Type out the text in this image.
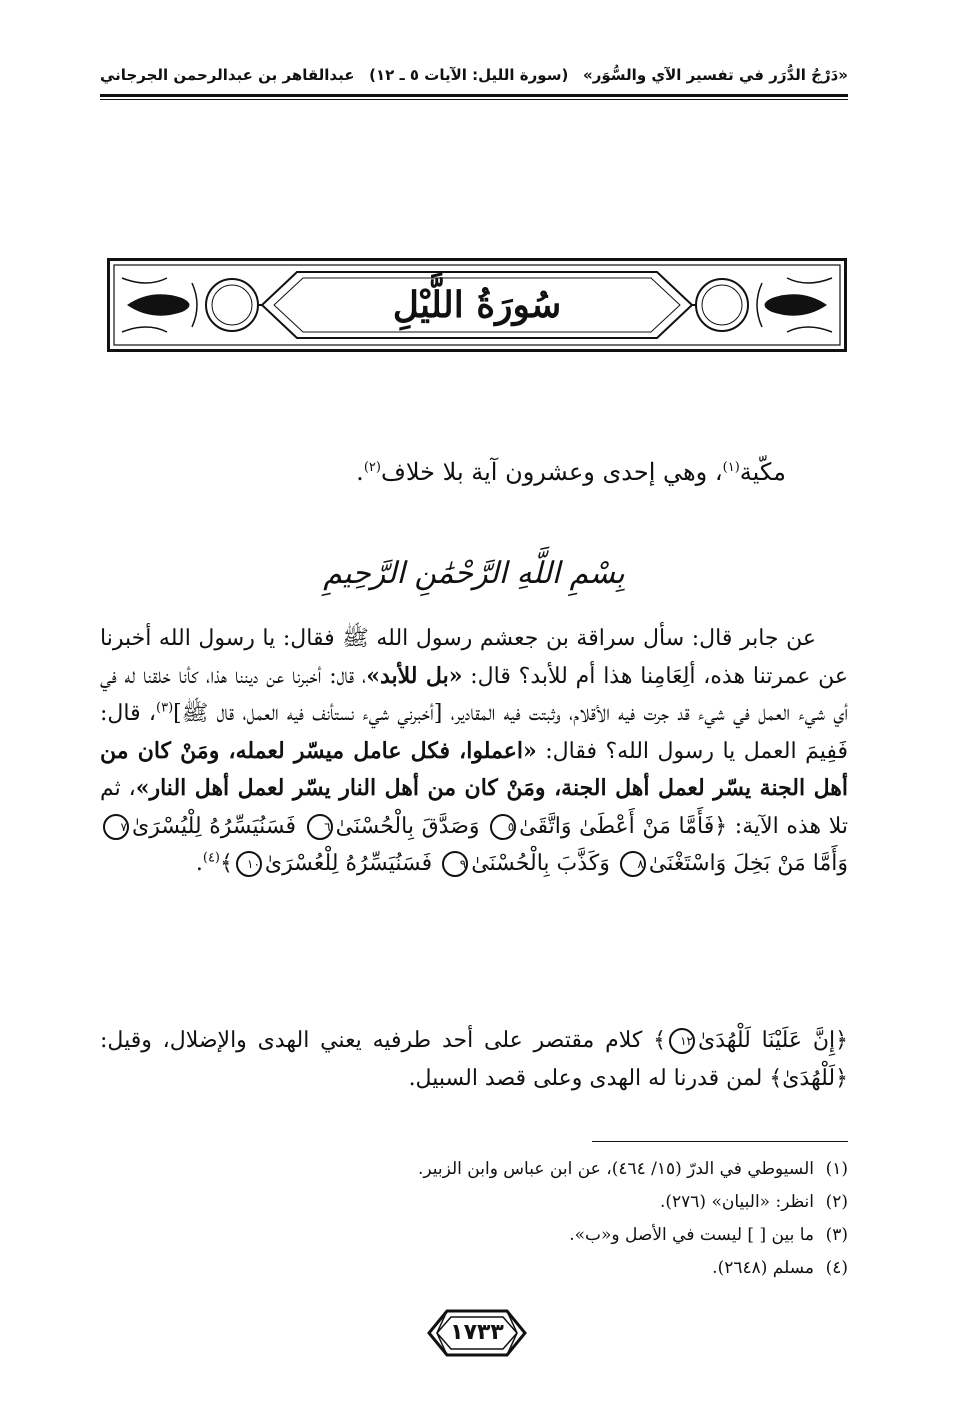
«دَرْجُ الدُّرَر في تفسير الآي والسُّوَر»
(سورة الليل: الآيات ٥ ـ ١٢)
عبدالقاهر بن عبدالرحمن الجرجاني
سُورَةُ اللَّيْلِ
مكّية$^{(١)}$، وهي إحدى وعشرون آية بلا خلاف$^{(٢)}$.
بِسْمِ اللَّهِ الرَّحْمَٰنِ الرَّحِيمِ
عن جابر قال: سأل سراقة بن جعشم رسول الله ﷺ فقال: يا رسول الله أخبرنا عن عمرتنا هذه، ألِعَامِنا هذا أم للأبد؟ قال: «بل للأبد»، قال: أخبرنا عن ديننا هذا، كأنا خلقنا له في أي شيء العمل في شيء قد جرت فيه الأقلام، وثبتت فيه المقادير، [أخبرني شيء نستأنف فيه العمل، قال ﷺ]$^{(٣)}$، قال: فَفِيمَ العمل يا رسول الله؟ فقال: «اعملوا، فكل عامل ميسّر لعمله، ومَنْ كان من أهل الجنة يسّر لعمل أهل الجنة، ومَنْ كان من أهل النار يسّر لعمل أهل النار»، ثم تلا هذه الآية: ﴿فَأَمَّا مَنْ أَعْطَىٰ وَاتَّقَىٰ٥ وَصَدَّقَ بِالْحُسْنَىٰ٦ فَسَنُيَسِّرُهُ لِلْيُسْرَىٰ٧ وَأَمَّا مَنْ بَخِلَ وَاسْتَغْنَىٰ٨ وَكَذَّبَ بِالْحُسْنَىٰ٩ فَسَنُيَسِّرُهُ لِلْعُسْرَىٰ١٠﴾$^{(٤)}$.
﴿إِنَّ عَلَيْنَا لَلْهُدَىٰ١٢﴾ كلام مقتصر على أحد طرفيه يعني الهدى والإضلال، وقيل: ﴿لَلْهُدَىٰ﴾ لمن قدرنا له الهدى وعلى قصد السبيل.
(١)
السيوطي في الدرّ (١٥/ ٤٦٤)، عن ابن عباس وابن الزبير.
(٢)
انظر: «البيان» (٢٧٦).
(٣)
ما بين [ ] ليست في الأصل و«ب».
(٤)
مسلم (٢٦٤٨).
١٧٣٣
